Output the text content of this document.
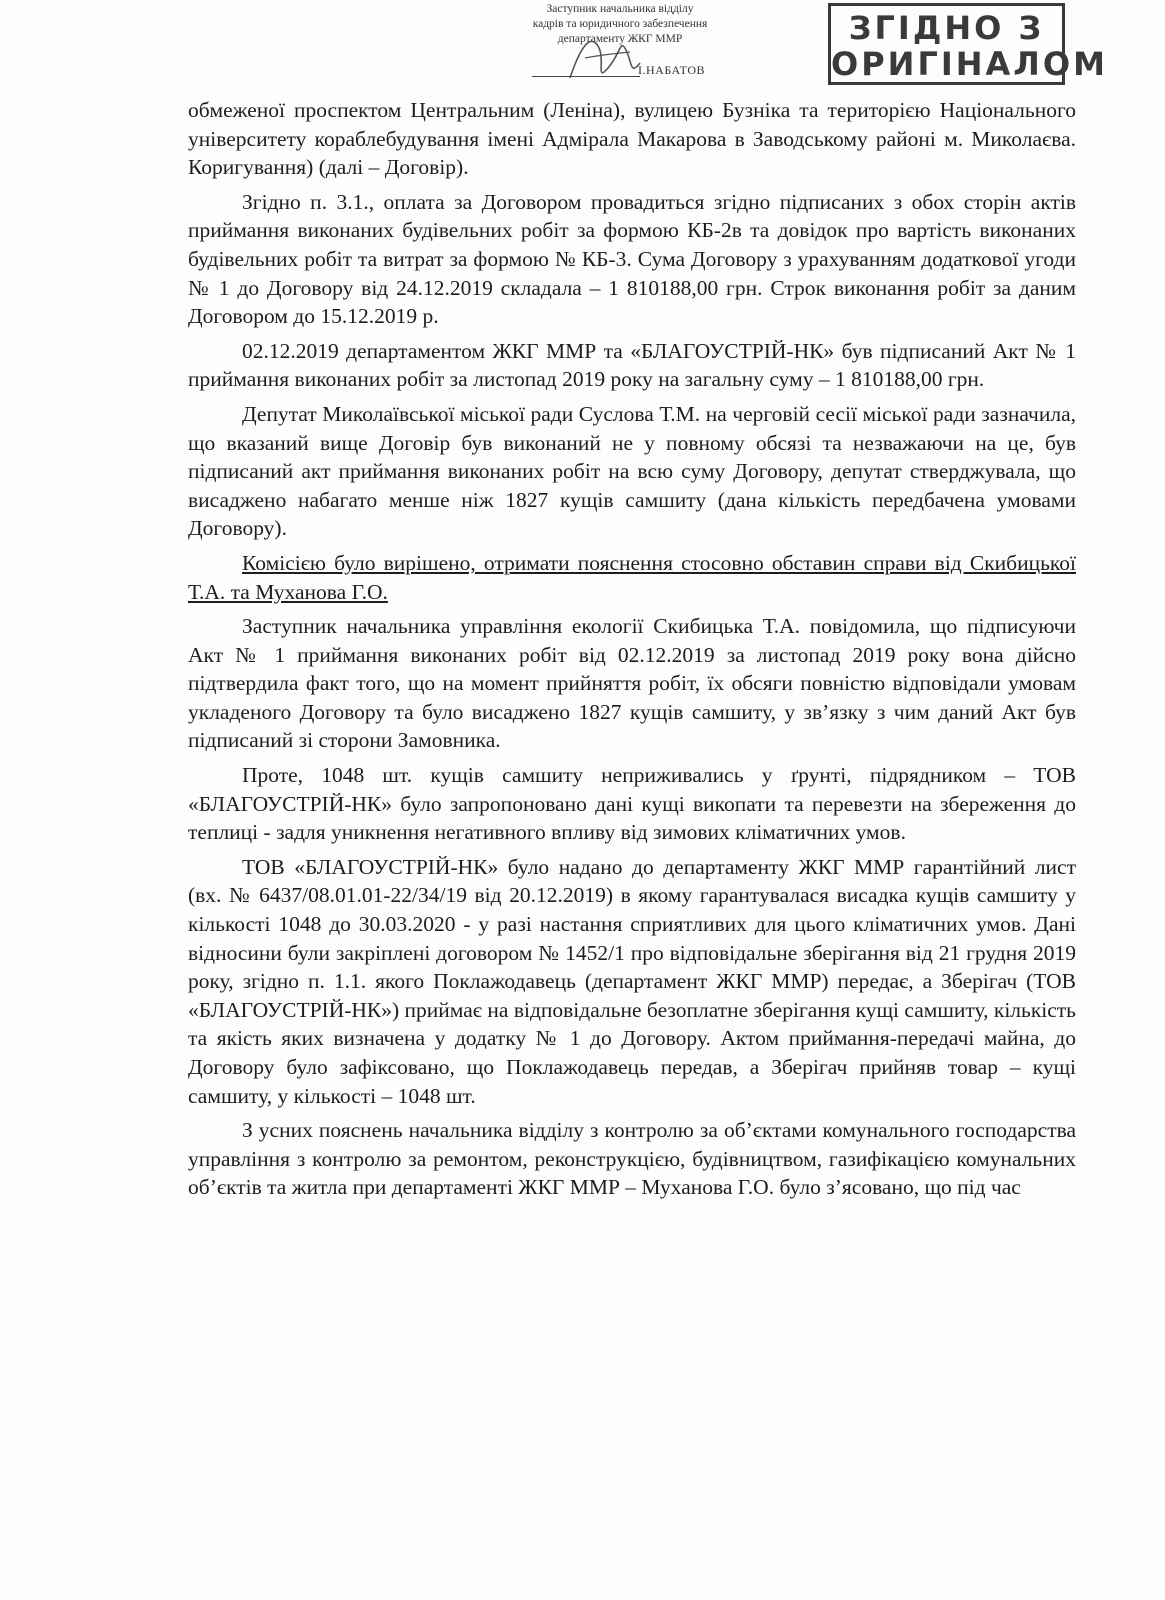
Заступник начальника відділу
кадрів та юридичного забезпечення
департаменту ЖКГ ММР
І.НАБАТОВ
ЗГІДНО З
ОРИГІНАЛОМ

обмеженої проспектом Центральним (Леніна), вулицею Бузніка та територією Національного університету кораблебудування імені Адмірала Макарова в Заводському районі м. Миколаєва. Коригування) (далі – Договір).

Згідно п. 3.1., оплата за Договором провадиться згідно підписаних з обох сторін актів приймання виконаних будівельних робіт за формою КБ-2в та довідок про вартість виконаних будівельних робіт та витрат за формою № КБ-3. Сума Договору з урахуванням додаткової угоди № 1 до Договору від 24.12.2019 складала – 1 810188,00 грн. Строк виконання робіт за даним Договором до 15.12.2019 р.

02.12.2019 департаментом ЖКГ ММР та «БЛАГОУСТРІЙ-НК» був підписаний Акт № 1 приймання виконаних робіт за листопад 2019 року на загальну суму – 1 810188,00 грн.

Депутат Миколаївської міської ради Суслова Т.М. на черговій сесії міської ради зазначила, що вказаний вище Договір був виконаний не у повному обсязі та незважаючи на це, був підписаний акт приймання виконаних робіт на всю суму Договору, депутат стверджувала, що висаджено набагато менше ніж 1827 кущів самшиту (дана кількість передбачена умовами Договору).

Комісією було вирішено, отримати пояснення стосовно обставин справи від Скибицької Т.А. та Муханова Г.О.

Заступник начальника управління екології Скибицька Т.А. повідомила, що підписуючи Акт № 1 приймання виконаних робіт від 02.12.2019 за листопад 2019 року вона дійсно підтвердила факт того, що на момент прийняття робіт, їх обсяги повністю відповідали умовам укладеного Договору та було висаджено 1827 кущів самшиту, у зв’язку з чим даний Акт був підписаний зі сторони Замовника.

Проте, 1048 шт. кущів самшиту неприживались у ґрунті, підрядником – ТОВ «БЛАГОУСТРІЙ-НК» було запропоновано дані кущі викопати та перевезти на збереження до теплиці - задля уникнення негативного впливу від зимових кліматичних умов.

ТОВ «БЛАГОУСТРІЙ-НК» було надано до департаменту ЖКГ ММР гарантійний лист (вх. № 6437/08.01.01-22/34/19 від 20.12.2019) в якому гарантувалася висадка кущів самшиту у кількості 1048 до 30.03.2020 - у разі настання сприятливих для цього кліматичних умов. Дані відносини були закріплені договором № 1452/1 про відповідальне зберігання від 21 грудня 2019 року, згідно п. 1.1. якого Поклажодавець (департамент ЖКГ ММР) передає, а Зберігач (ТОВ «БЛАГОУСТРІЙ-НК») приймає на відповідальне безоплатне зберігання кущі самшиту, кількість та якість яких визначена у додатку № 1 до Договору. Актом приймання-передачі майна, до Договору було зафіксовано, що Поклажодавець передав, а Зберігач прийняв товар – кущі самшиту, у кількості – 1048 шт.

З усних пояснень начальника відділу з контролю за об’єктами комунального господарства управління з контролю за ремонтом, реконструкцією, будівництвом, газифікацією комунальних об’єктів та житла при департаменті ЖКГ ММР – Муханова Г.О. було з’ясовано, що під час
